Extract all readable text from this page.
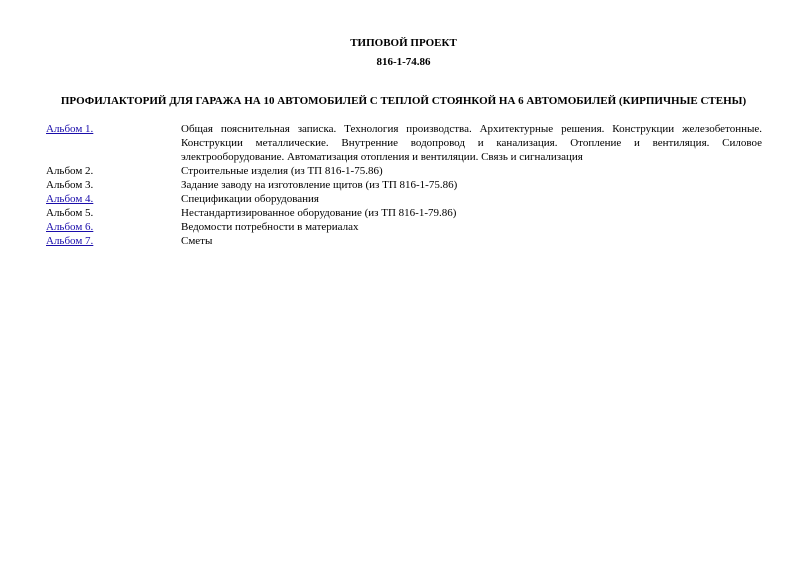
ТИПОВОЙ ПРОЕКТ
816-1-74.86
ПРОФИЛАКТОРИЙ ДЛЯ ГАРАЖА НА 10 АВТОМОБИЛЕЙ С ТЕПЛОЙ СТОЯНКОЙ НА 6 АВТОМОБИЛЕЙ (КИРПИЧНЫЕ СТЕНЫ)
Альбом 1.	Общая пояснительная записка. Технология производства. Архитектурные решения. Конструкции железобетонные. Конструкции металлические. Внутренние водопровод и канализация. Отопление и вентиляция. Силовое электрооборудование. Автоматизация отопления и вентиляции. Связь и сигнализация
Альбом 2.	Строительные изделия (из ТП 816-1-75.86)
Альбом 3.	Задание заводу на изготовление щитов (из ТП 816-1-75.86)
Альбом 4.	Спецификации оборудования
Альбом 5.	Нестандартизированное оборудование (из ТП 816-1-79.86)
Альбом 6.	Ведомости потребности в материалах
Альбом 7.	Сметы
